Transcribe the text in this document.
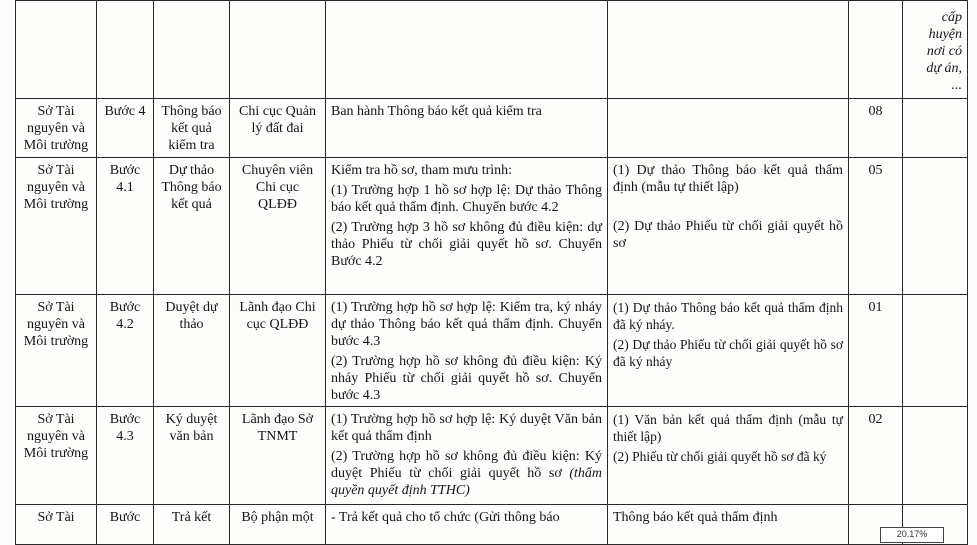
							cấp
huyện
nơi có
dự án,
...

Sở Tài nguyên và Môi trường	Bước 4	Thông báo kết quả kiểm tra	Chi cục Quản lý đất đai	Ban hành Thông báo kết quả kiểm tra		08	
Sở Tài nguyên và Môi trường	Bước 4.1	Dự thảo Thông báo kết quả	Chuyên viên Chi cục QLĐĐ	Kiểm tra hồ sơ, tham mưu trình:
(1) Trường hợp 1 hồ sơ hợp lệ: Dự thảo Thông báo kết quả thẩm định. Chuyển bước 4.2
(2) Trường hợp 3 hồ sơ không đủ điều kiện: dự thảo Phiếu từ chối giải quyết hồ sơ. Chuyển Bước 4.2	(1) Dự thảo Thông báo kết quả thẩm định (mẫu tự thiết lập)
(2) Dự thảo Phiếu từ chối giải quyết hồ sơ	05	
Sở Tài nguyên và Môi trường	Bước 4.2	Duyệt dự thảo	Lãnh đạo Chi cục QLĐĐ	(1) Trường hợp hồ sơ hợp lệ: Kiểm tra, ký nháy dự thảo Thông báo kết quả thẩm định. Chuyển bước 4.3
(2) Trường hợp hồ sơ không đủ điều kiện: Ký nháy Phiếu từ chối giải quyết hồ sơ. Chuyển bước 4.3	(1) Dự thảo Thông báo kết quả thẩm định đã ký nháy.
(2) Dự thảo Phiếu từ chối giải quyết hồ sơ đã ký nháy	01	
Sở Tài nguyên và Môi trường	Bước 4.3	Ký duyệt văn bản	Lãnh đạo Sở TNMT	(1) Trường hợp hồ sơ hợp lệ: Ký duyệt Văn bản kết quả thẩm định
(2) Trường hợp hồ sơ không đủ điều kiện: Ký duyệt Phiếu từ chối giải quyết hồ sơ (thẩm quyền quyết định TTHC)	(1) Văn bản kết quả thẩm định (mẫu tự thiết lập)
(2) Phiếu từ chối giải quyết hồ sơ đã ký	02	
Sở Tài	Bước	Trả kết	Bộ phận một	- Trả kết quả cho tổ chức (Gửi thông báo	Thông báo kết quả thẩm định		

20.17%
